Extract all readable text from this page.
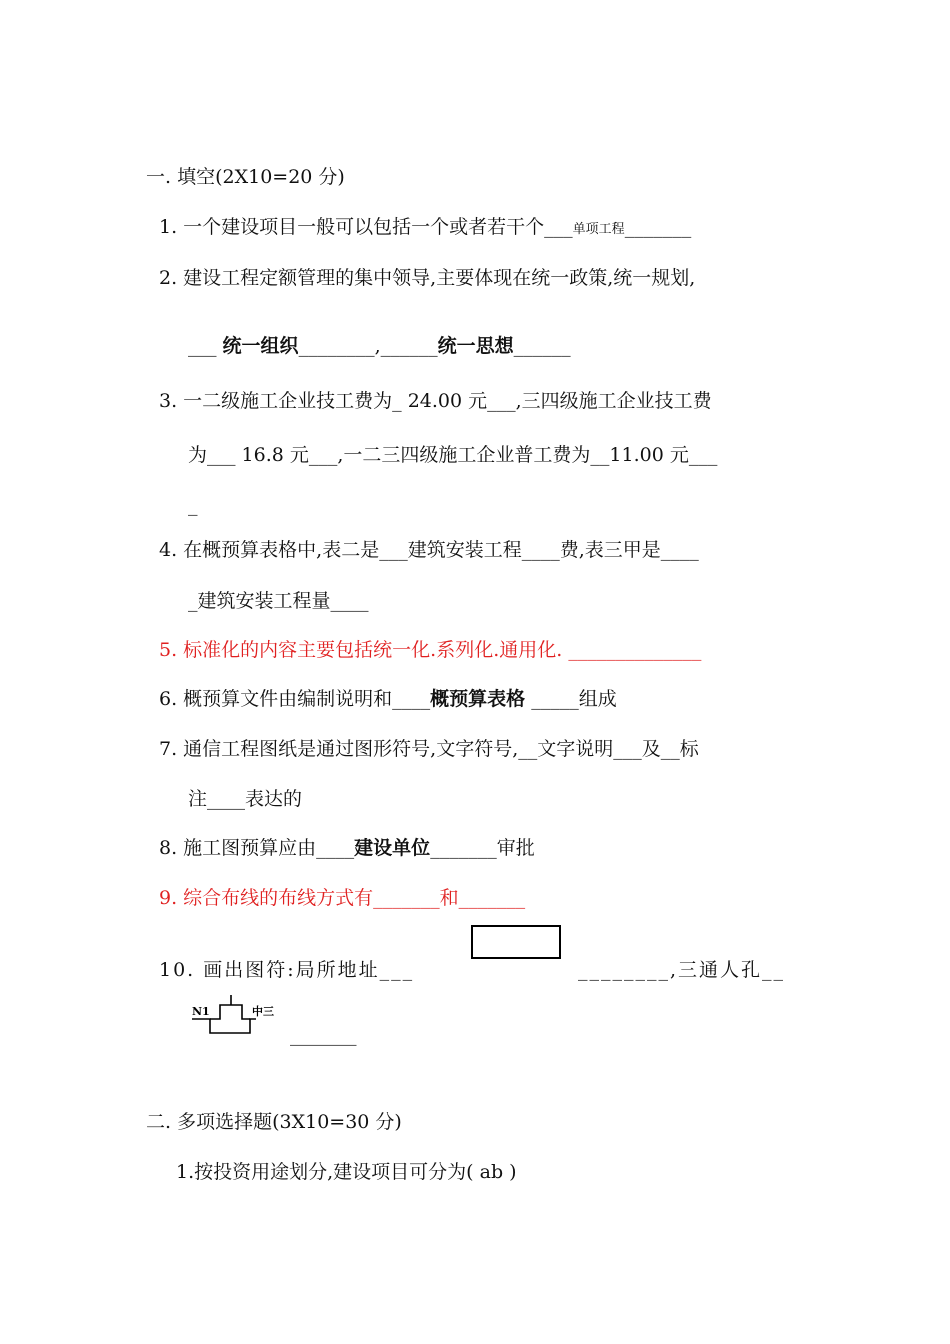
一. 填空(2X10=20 分)
1. 一个建设项目一般可以包括一个或者若干个___单项工程_______
2. 建设工程定额管理的集中领导,主要体现在统一政策,统一规划,
___ 统一组织________,______统一思想______
3. 一二级施工企业技工费为_ 24.00 元___,三四级施工企业技工费
为___ 16.8 元___,一二三四级施工企业普工费为__11.00 元___
_
4. 在概预算表格中,表二是___建筑安装工程____费,表三甲是____
_建筑安装工程量____
5. 标准化的内容主要包括统一化.系列化.通用化. ______________
6. 概预算文件由编制说明和____概预算表格 _____组成
7. 通信工程图纸是通过图形符号,文字符号,__文字说明___及__标
注____表达的
8. 施工图预算应由____建设单位_______审批
9. 综合布线的布线方式有_______和_______
10. 画出图符:局所地址___	________,三通人孔__
N1	中三
_______
二. 多项选择题(3X10=30 分)
1.按投资用途划分,建设项目可分为( ab )
